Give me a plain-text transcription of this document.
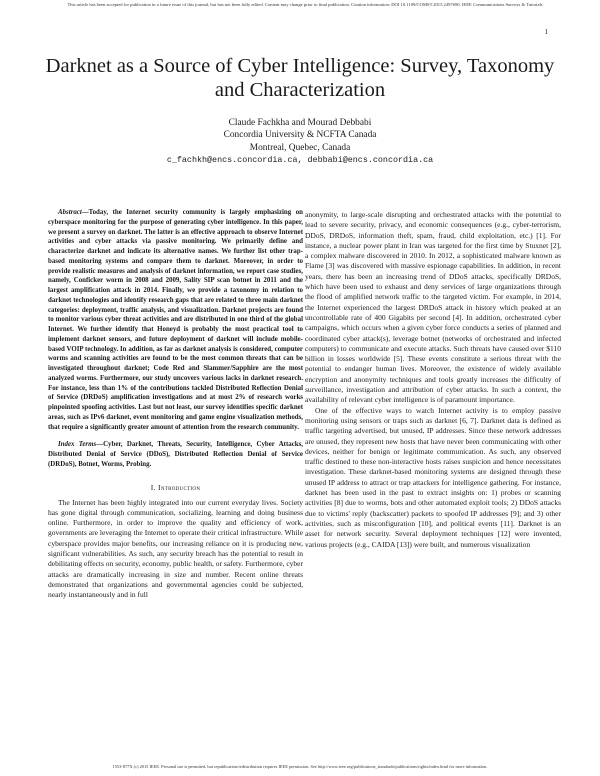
This article has been accepted for publication in a future issue of this journal, but has not been fully edited. Content may change prior to final publication. Citation information: DOI 10.1109/COMST.2015.2497690, IEEE Communications Surveys & Tutorials
1
Darknet as a Source of Cyber Intelligence: Survey, Taxonomy and Characterization
Claude Fachkha and Mourad Debbabi
Concordia University & NCFTA Canada
Montreal, Quebec, Canada
c_fachkh@encs.concordia.ca, debbabi@encs.concordia.ca

Abstract—Today, the Internet security community is largely emphasizing on cyberspace monitoring for the purpose of generating cyber intelligence. In this paper, we present a survey on darknet. The latter is an effective approach to observe Internet activities and cyber attacks via passive monitoring. We primarily define and characterize darknet and indicate its alternative names. We further list other trap-based monitoring systems and compare them to darknet. Moreover, in order to provide realistic measures and analysis of darknet information, we report case studies, namely, Conficker worm in 2008 and 2009, Sality SIP scan botnet in 2011 and the largest amplification attack in 2014. Finally, we provide a taxonomy in relation to darknet technologies and identify research gaps that are related to three main darknet categories: deployment, traffic analysis, and visualization. Darknet projects are found to monitor various cyber threat activities and are distributed in one third of the global Internet. We further identify that Honeyd is probably the most practical tool to implement darknet sensors, and future deployment of darknet will include mobile-based VOIP technology. In addition, as far as darknet analysis is considered, computer worms and scanning activities are found to be the most common threats that can be investigated throughout darknet; Code Red and Slammer/Sapphire are the most analyzed worms. Furthermore, our study uncovers various lacks in darknet research. For instance, less than 1% of the contributions tackled Distributed Reflection Denial of Service (DRDoS) amplification investigations and at most 2% of research works pinpointed spoofing activities. Last but not least, our survey identifies specific darknet areas, such as IPv6 darknet, event monitoring and game engine visualization methods, that require a significantly greater amount of attention from the research community.

Index Terms—Cyber, Darknet, Threats, Security, Intelligence, Cyber Attacks, Distributed Denial of Service (DDoS), Distributed Reflection Denial of Service (DRDoS), Botnet, Worms, Probing.

I. Introduction

The Internet has been highly integrated into our current everyday lives. Society has gone digital through communication, socializing, learning and doing business online. Furthermore, in order to improve the quality and efficiency of work, governments are leveraging the Internet to operate their critical infrastructure. While cyberspace provides major benefits, our increasing reliance on it is producing new, significant vulnerabilities. As such, any security breach has the potential to result in debilitating effects on security, economy, public health, or safety. Furthermore, cyber attacks are dramatically increasing in size and number. Recent online threats demonstrated that organizations and governmental agencies could be subjected, nearly instantaneously and in full

anonymity, to large-scale disrupting and orchestrated attacks with the potential to lead to severe security, privacy, and economic consequences (e.g., cyber-terrorism, DDoS, DRDoS, information theft, spam, fraud, child exploitation, etc.) [1]. For instance, a nuclear power plant in Iran was targeted for the first time by Stuxnet [2], a complex malware discovered in 2010. In 2012, a sophisticated malware known as Flame [3] was discovered with massive espionage capabilities. In addition, in recent years, there has been an increasing trend of DDoS attacks, specifically DRDoS, which have been used to exhaust and deny services of large organizations through the flood of amplified network traffic to the targeted victim. For example, in 2014, the Internet experienced the largest DRDoS attack in history which peaked at an uncontrollable rate of 400 Gigabits per second [4]. In addition, orchestrated cyber campaigns, which occurs when a given cyber force conducts a series of planned and coordinated cyber attack(s), leverage botnet (networks of orchestrated and infected computers) to communicate and execute attacks. Such threats have caused over $110 billion in losses worldwide [5]. These events constitute a serious threat with the potential to endanger human lives. Moreover, the existence of widely available encryption and anonymity techniques and tools greatly increases the difficulty of surveillance, investigation and attribution of cyber attacks. In such a context, the availability of relevant cyber intelligence is of paramount importance.

One of the effective ways to watch Internet activity is to employ passive monitoring using sensors or traps such as darknet [6, 7]. Darknet data is defined as traffic targeting advertised, but unused, IP addresses. Since these network addresses are unused, they represent new hosts that have never been communicating with other devices, neither for benign or legitimate communication. As such, any observed traffic destined to these non-interactive hosts raises suspicion and hence necessitates investigation. These darknet-based monitoring systems are designed through these unused IP address to attract or trap attackers for intelligence gathering. For instance, darknet has been used in the past to extract insights on: 1) probes or scanning activities [8] due to worms, bots and other automated exploit tools; 2) DDoS attacks due to victims' reply (backscatter) packets to spoofed IP addresses [9]; and 3) other activities, such as misconfiguration [10], and political events [11]. Darknet is an asset for network security. Several deployment techniques [12] were invented, various projects (e.g., CAIDA [13]) were built, and numerous visualization

1553-877X (c) 2015 IEEE. Personal use is permitted, but republication/redistribution requires IEEE permission. See http://www.ieee.org/publications_standards/publications/rights/index.html for more information.
